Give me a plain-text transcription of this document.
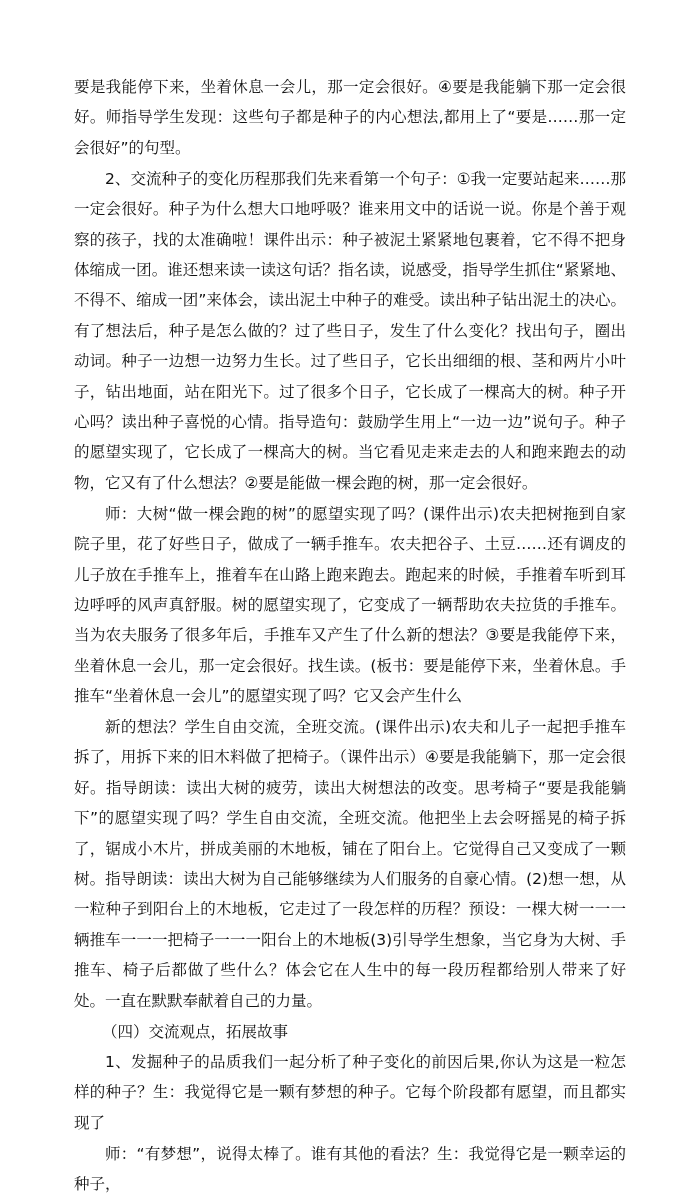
要是我能停下来，坐着休息一会儿，那一定会很好。④要是我能躺下那一定会很好。师指导学生发现：这些句子都是种子的内心想法,都用上了“要是……那一定会很好”的句型。

2、交流种子的变化历程那我们先来看第一个句子：①我一定要站起来……那一定会很好。种子为什么想大口地呼吸？谁来用文中的话说一说。你是个善于观察的孩子，找的太准确啦！课件出示：种子被泥土紧紧地包裹着，它不得不把身体缩成一团。谁还想来读一读这句话？指名读，说感受，指导学生抓住“紧紧地、不得不、缩成一团”来体会，读出泥土中种子的难受。读出种子钻出泥土的决心。有了想法后，种子是怎么做的？过了些日子，发生了什么变化？找出句子，圈出动词。种子一边想一边努力生长。过了些日子，它长出细细的根、茎和两片小叶子，钻出地面，站在阳光下。过了很多个日子，它长成了一棵高大的树。种子开心吗？读出种子喜悦的心情。指导造句：鼓励学生用上“一边一边”说句子。种子的愿望实现了，它长成了一棵高大的树。当它看见走来走去的人和跑来跑去的动物，它又有了什么想法？②要是能做一棵会跑的树，那一定会很好。

师：大树“做一棵会跑的树”的愿望实现了吗？(课件出示)农夫把树拖到自家院子里，花了好些日子，做成了一辆手推车。农夫把谷子、土豆……还有调皮的儿子放在手推车上，推着车在山路上跑来跑去。跑起来的时候，手推着车听到耳边呼呼的风声真舒服。树的愿望实现了，它变成了一辆帮助农夫拉货的手推车。当为农夫服务了很多年后，手推车又产生了什么新的想法？③要是我能停下来，坐着休息一会儿，那一定会很好。找生读。(板书：要是能停下来，坐着休息。手推车“坐着休息一会儿”的愿望实现了吗？它又会产生什么

新的想法？学生自由交流，全班交流。(课件出示)农夫和儿子一起把手推车拆了，用拆下来的旧木料做了把椅子。（课件出示）④要是我能躺下，那一定会很好。指导朗读：读出大树的疲劳，读出大树想法的改变。思考椅子“要是我能躺下”的愿望实现了吗？学生自由交流，全班交流。他把坐上去会呀摇晃的椅子拆了，锯成小木片，拼成美丽的木地板，铺在了阳台上。它觉得自己又变成了一颗树。指导朗读：读出大树为自己能够继续为人们服务的自豪心情。(2)想一想，从一粒种子到阳台上的木地板，它走过了一段怎样的历程？预设：一棵大树一一一辆推车一一一把椅子一一一阳台上的木地板(3)引导学生想象，当它身为大树、手推车、椅子后都做了些什么？体会它在人生中的每一段历程都给别人带来了好处。一直在默默奉献着自己的力量。

（四）交流观点，拓展故事

1、发掘种子的品质我们一起分析了种子变化的前因后果,你认为这是一粒怎样的种子？生：我觉得它是一颗有梦想的种子。它每个阶段都有愿望，而且都实现了

师：“有梦想”，说得太棒了。谁有其他的看法？生：我觉得它是一颗幸运的种子，
